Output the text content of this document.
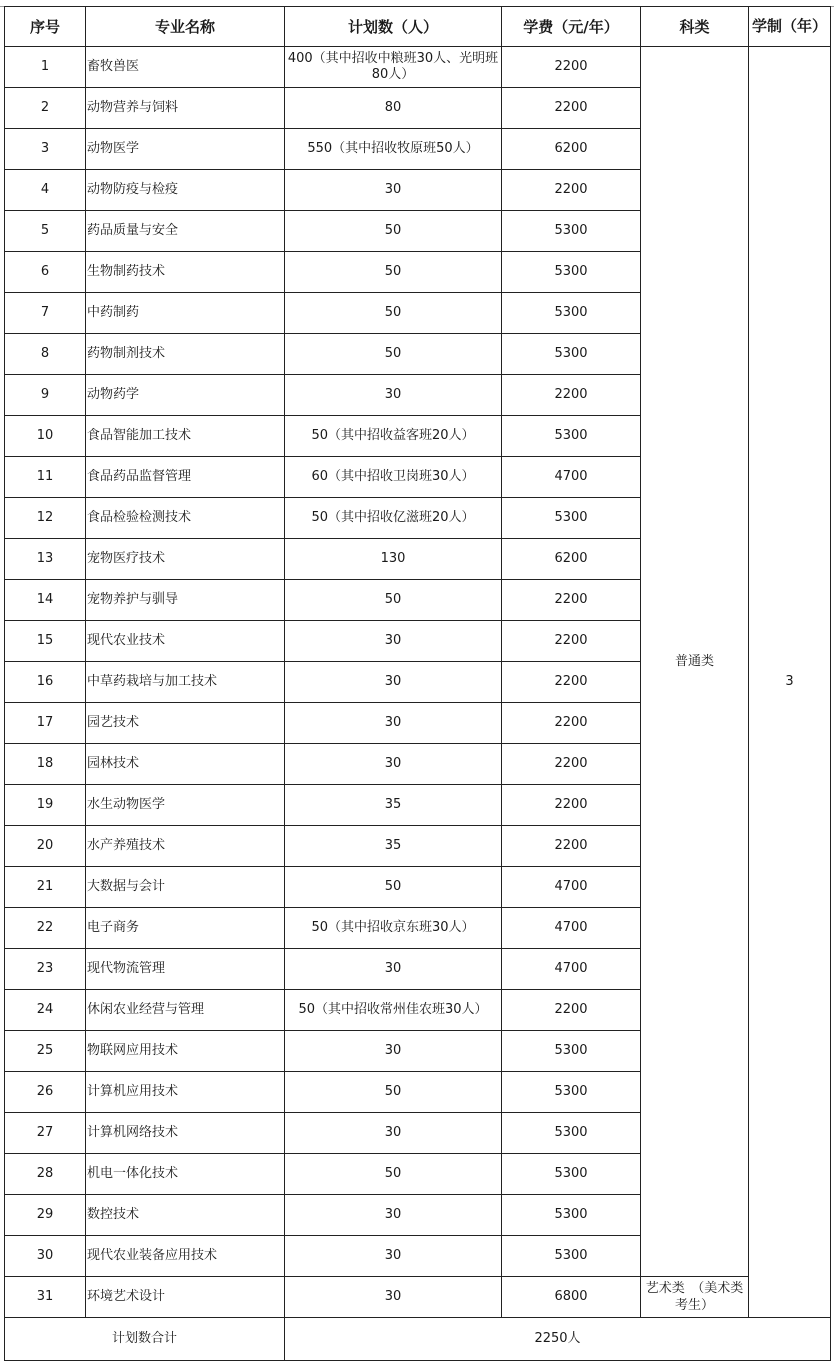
序号	专业名称	计划数（人）	学费（元/年）	科类	学制（年）
1	畜牧兽医	400（其中招收中粮班30人、光明班80人）	2200	普通类	3
2	动物营养与饲料	80	2200		
3	动物医学	550（其中招收牧原班50人）	6200		
4	动物防疫与检疫	30	2200		
5	药品质量与安全	50	5300		
6	生物制药技术	50	5300		
7	中药制药	50	5300		
8	药物制剂技术	50	5300		
9	动物药学	30	2200		
10	食品智能加工技术	50（其中招收益客班20人）	5300		
11	食品药品监督管理	60（其中招收卫岗班30人）	4700		
12	食品检验检测技术	50（其中招收亿滋班20人）	5300		
13	宠物医疗技术	130	6200		
14	宠物养护与驯导	50	2200		
15	现代农业技术	30	2200		
16	中草药栽培与加工技术	30	2200		
17	园艺技术	30	2200		
18	园林技术	30	2200		
19	水生动物医学	35	2200		
20	水产养殖技术	35	2200		
21	大数据与会计	50	4700		
22	电子商务	50（其中招收京东班30人）	4700		
23	现代物流管理	30	4700		
24	休闲农业经营与管理	50（其中招收常州佳农班30人）	2200		
25	物联网应用技术	30	5300		
26	计算机应用技术	50	5300		
27	计算机网络技术	30	5300		
28	机电一体化技术	50	5300		
29	数控技术	30	5300		
30	现代农业装备应用技术	30	5300		
31	环境艺术设计	30	6800	艺术类　（美术类考生）	
计划数合计		2250人			
